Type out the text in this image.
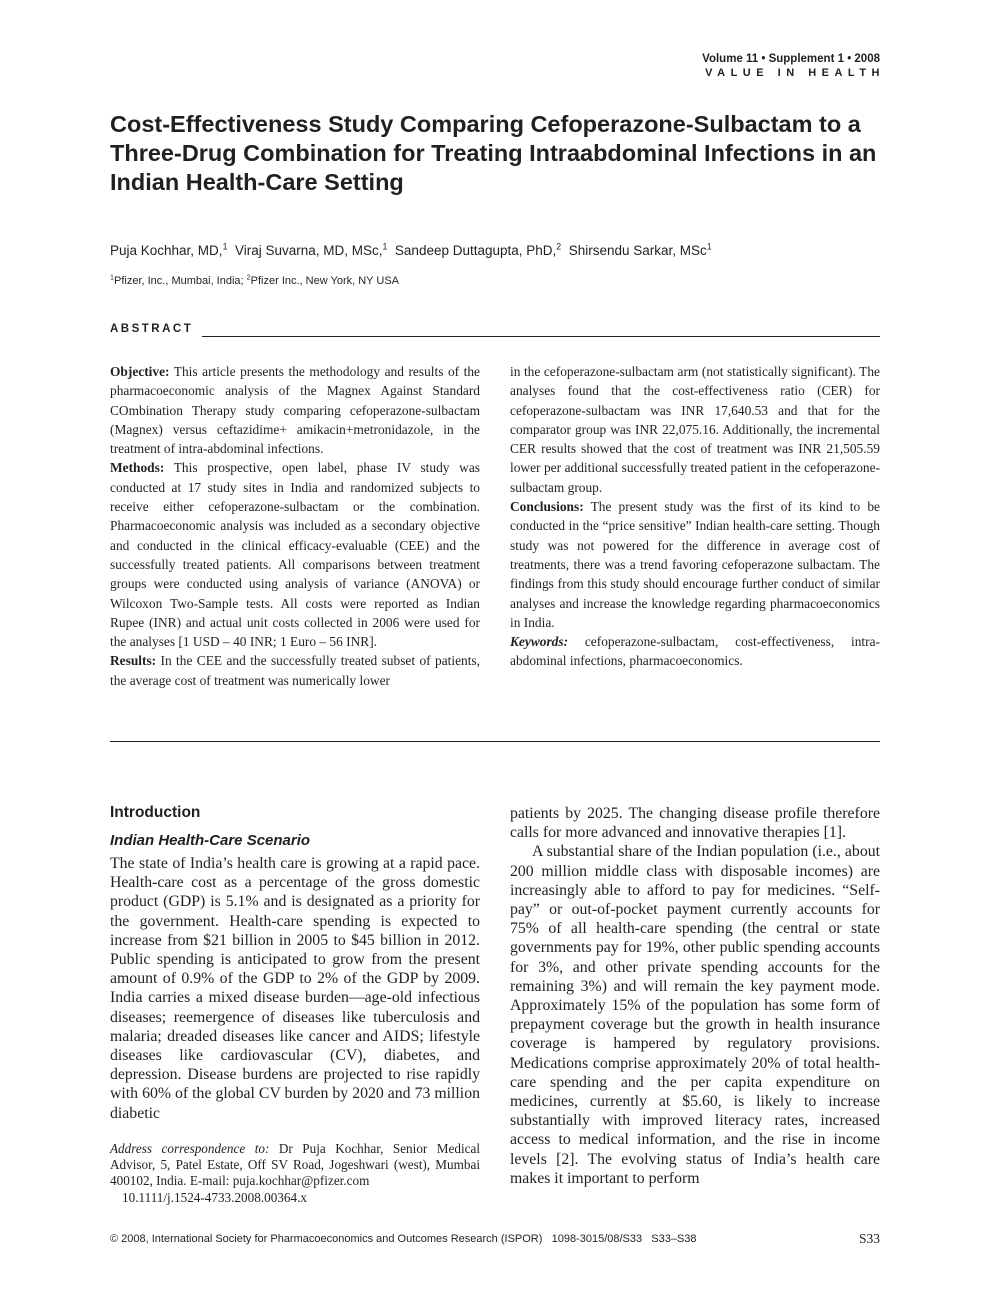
Volume 11 • Supplement 1 • 2008
VALUE IN HEALTH
Cost-Effectiveness Study Comparing Cefoperazone-Sulbactam to a Three-Drug Combination for Treating Intraabdominal Infections in an Indian Health-Care Setting
Puja Kochhar, MD,$^1$ Viraj Suvarna, MD, MSc,$^1$ Sandeep Duttagupta, PhD,$^2$ Shirsendu Sarkar, MSc$^1$
$^1$Pfizer, Inc., Mumbai, India; $^2$Pfizer Inc., New York, NY USA
ABSTRACT

Objective: This article presents the methodology and results of the pharmacoeconomic analysis of the Magnex Against Standard COmbination Therapy study comparing cefoperazone-sulbactam (Magnex) versus ceftazidime+ amikacin+metronidazole, in the treatment of intra-abdominal infections.

Methods: This prospective, open label, phase IV study was conducted at 17 study sites in India and randomized subjects to receive either cefoperazone-sulbactam or the combination. Pharmacoeconomic analysis was included as a secondary objective and conducted in the clinical efficacy-evaluable (CEE) and the successfully treated patients. All comparisons between treatment groups were conducted using analysis of variance (ANOVA) or Wilcoxon Two-Sample tests. All costs were reported as Indian Rupee (INR) and actual unit costs collected in 2006 were used for the analyses [1 USD – 40 INR; 1 Euro – 56 INR].

Results: In the CEE and the successfully treated subset of patients, the average cost of treatment was numerically lower

in the cefoperazone-sulbactam arm (not statistically significant). The analyses found that the cost-effectiveness ratio (CER) for cefoperazone-sulbactam was INR 17,640.53 and that for the comparator group was INR 22,075.16. Additionally, the incremental CER results showed that the cost of treatment was INR 21,505.59 lower per additional successfully treated patient in the cefoperazone-sulbactam group.

Conclusions: The present study was the first of its kind to be conducted in the “price sensitive” Indian health-care setting. Though study was not powered for the difference in average cost of treatments, there was a trend favoring cefoperazone sulbactam. The findings from this study should encourage further conduct of similar analyses and increase the knowledge regarding pharmacoeconomics in India.

Keywords: cefoperazone-sulbactam, cost-effectiveness, intra-abdominal infections, pharmacoeconomics.

Introduction
Indian Health-Care Scenario

The state of India’s health care is growing at a rapid pace. Health-care cost as a percentage of the gross domestic product (GDP) is 5.1% and is designated as a priority for the government. Health-care spending is expected to increase from $21 billion in 2005 to $45 billion in 2012. Public spending is anticipated to grow from the present amount of 0.9% of the GDP to 2% of the GDP by 2009. India carries a mixed disease burden—age-old infectious diseases; reemergence of diseases like tuberculosis and malaria; dreaded diseases like cancer and AIDS; lifestyle diseases like cardiovascular (CV), diabetes, and depression. Disease burdens are projected to rise rapidly with 60% of the global CV burden by 2020 and 73 million diabetic

Address correspondence to: Dr Puja Kochhar, Senior Medical Advisor, 5, Patel Estate, Off SV Road, Jogeshwari (west), Mumbai 400102, India. E-mail: puja.kochhar@pfizer.com
10.1111/j.1524-4733.2008.00364.x

patients by 2025. The changing disease profile therefore calls for more advanced and innovative therapies [1].

A substantial share of the Indian population (i.e., about 200 million middle class with disposable incomes) are increasingly able to afford to pay for medicines. “Self-pay” or out-of-pocket payment currently accounts for 75% of all health-care spending (the central or state governments pay for 19%, other public spending accounts for 3%, and other private spending accounts for the remaining 3%) and will remain the key payment mode. Approximately 15% of the population has some form of prepayment coverage but the growth in health insurance coverage is hampered by regulatory provisions. Medications comprise approximately 20% of total health-care spending and the per capita expenditure on medicines, currently at $5.60, is likely to increase substantially with improved literacy rates, increased access to medical information, and the rise in income levels [2]. The evolving status of India’s health care makes it important to perform

© 2008, International Society for Pharmacoeconomics and Outcomes Research (ISPOR)   1098-3015/08/S33   S33–S38	S33
